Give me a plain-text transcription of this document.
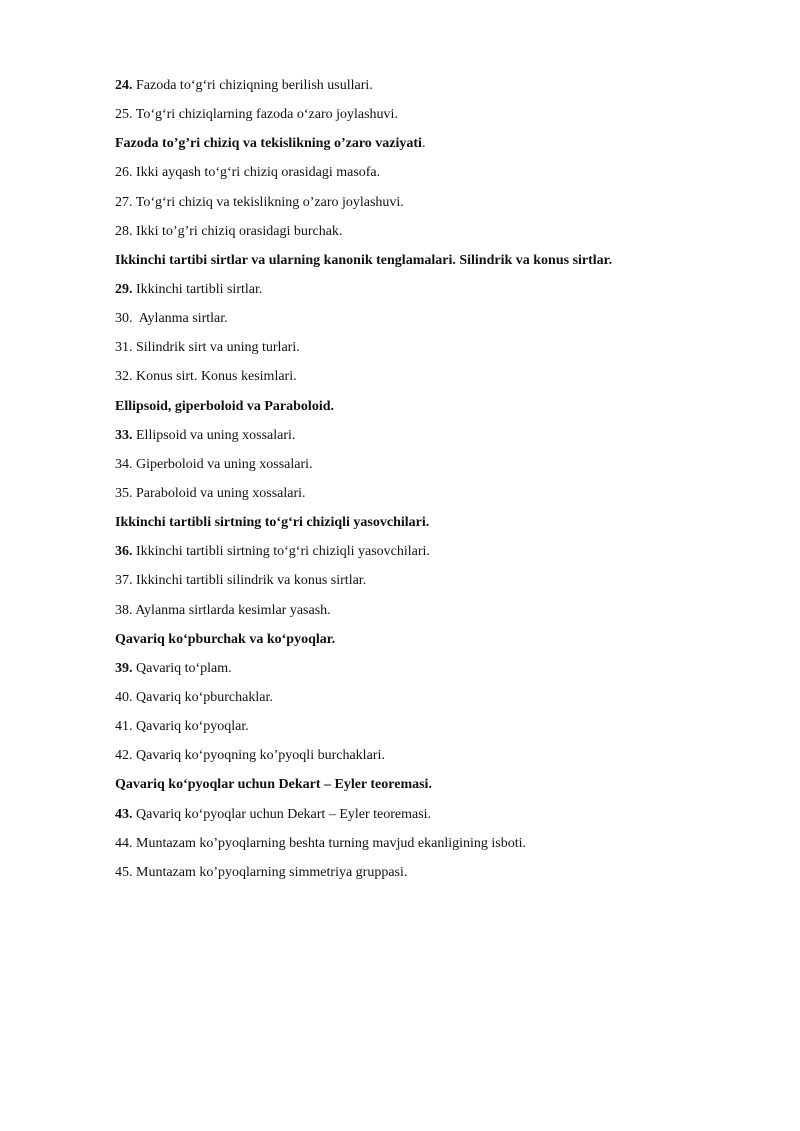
24. Fazoda to‘g‘ri chiziqning berilish usullari.
25. To‘g‘ri chiziqlarning fazoda o‘zaro joylashuvi.
Fazoda to’g’ri chiziq va tekislikning o’zaro vaziyati.
26. Ikki ayqash to‘g‘ri chiziq orasidagi masofa.
27. To‘g‘ri chiziq va tekislikning o’zaro joylashuvi.
28. Ikki to’g’ri chiziq orasidagi burchak.
Ikkinchi tartibi sirtlar va ularning kanonik tenglamalari. Silindrik va konus sirtlar.
29. Ikkinchi tartibli sirtlar.
30.  Aylanma sirtlar.
31. Silindrik sirt va uning turlari.
32. Konus sirt. Konus kesimlari.
Ellipsoid, giperboloid va Paraboloid.
33. Ellipsoid va uning xossalari.
34. Giperboloid va uning xossalari.
35. Paraboloid va uning xossalari.
Ikkinchi tartibli sirtning to‘g‘ri chiziqli yasovchilari.
36. Ikkinchi tartibli sirtning to‘g‘ri chiziqli yasovchilari.
37. Ikkinchi tartibli silindrik va konus sirtlar.
38. Aylanma sirtlarda kesimlar yasash.
Qavariq ko‘pburchak va ko‘pyoqlar.
39. Qavariq to‘plam.
40. Qavariq ko‘pburchaklar.
41. Qavariq ko‘pyoqlar.
42. Qavariq ko‘pyoqning ko’pyoqli burchaklari.
Qavariq ko‘pyoqlar uchun Dekart – Eyler teoremasi.
43. Qavariq ko‘pyoqlar uchun Dekart – Eyler teoremasi.
44. Muntazam ko’pyoqlarning beshta turning mavjud ekanligining isboti.
45. Muntazam ko’pyoqlarning simmetriya gruppasi.
